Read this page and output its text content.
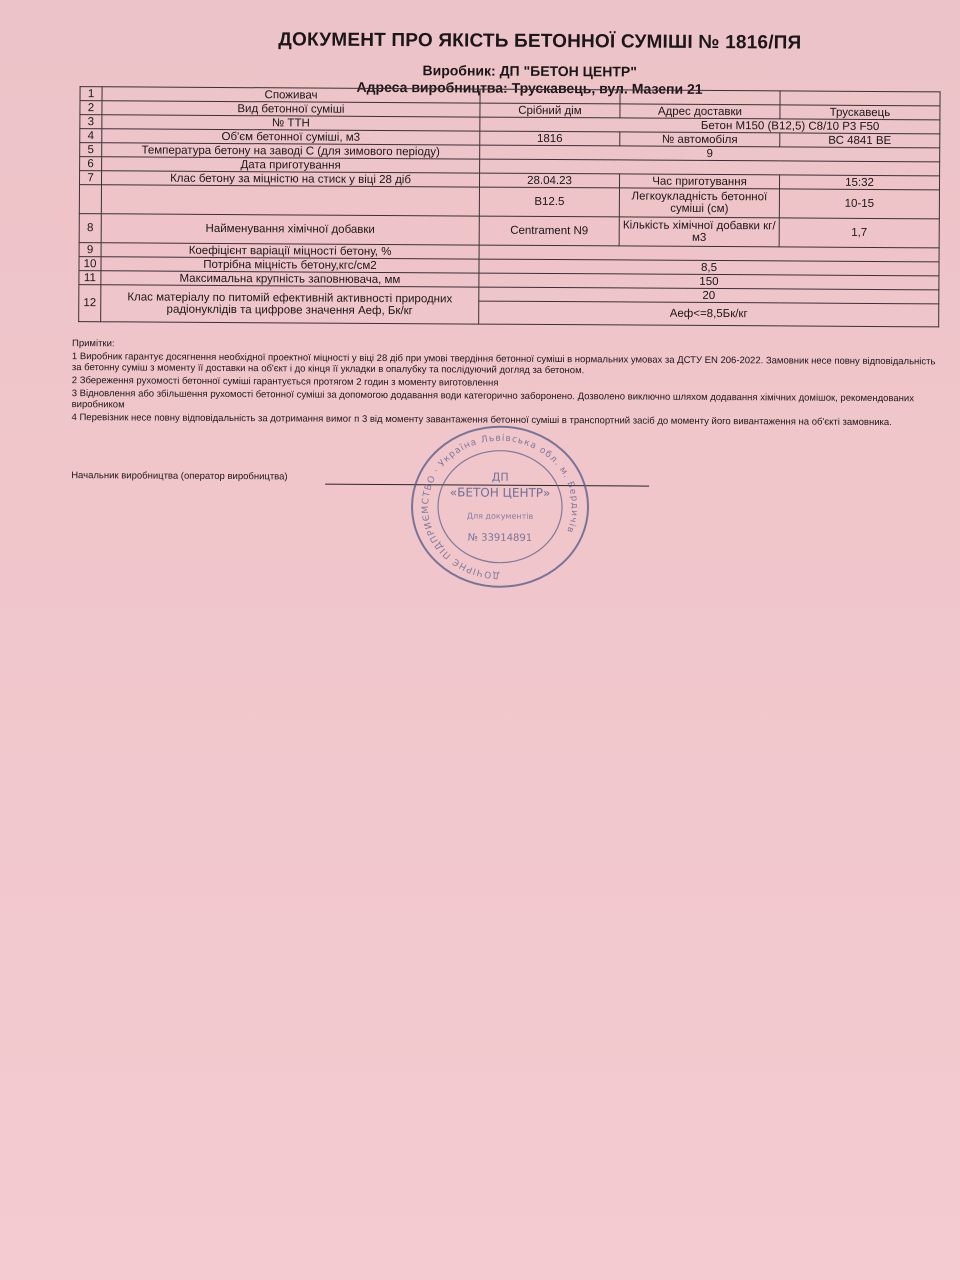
ДОКУМЕНТ ПРО ЯКІСТЬ БЕТОННОЇ СУМІШІ № 1816/ПЯ
Виробник: ДП "БЕТОН ЦЕНТР"
Адреса виробництва: Трускавець, вул. Мазепи 21
1	Споживач			
2	Вид бетонної суміші	Срібний дім	Адрес доставки	Трускавець
3	№ ТТН	Бетон М150 (В12,5) С8/10 Р3 F50		
4	Об'єм бетонної суміші, м3	1816	№ автомобіля	ВС 4841 ВЕ
5	Температура бетону на заводі С (для зимового періоду)	9		
6	Дата приготування			
7	Клас бетону за міцністю на стиск у віці 28 діб	28.04.23	Час приготування	15:32
		В12.5	Легкоукладність бетонної суміші (см)	10-15
8	Найменування хімічної добавки	Centrament N9	Кількість хімічної добавки кг/м3	1,7
9	Коефіцієнт варіації міцності бетону, %			
10	Потрібна міцність бетону,кгс/см2	8,5		
11	Максимальна крупність заповнювача, мм	150		
12	Клас матеріалу по питомій ефективній активності природних радіонуклідів та цифрове значення Аеф, Бк/кг	20		
		Аеф<=8,5Бк/кг		

Примітки:

1 Виробник гарантує досягнення необхідної проектної міцності у віці 28 діб при умові твердіння бетонної суміші в нормальних умовах за ДСТУ EN 206-2022. Замовник несе повну відповідальність за бетонну суміш з моменту її доставки на об'єкт і до кінця її укладки в опалубку та послідуючий догляд за бетоном.

2 Збереження рухомості бетонної суміші гарантується протягом 2 годин з моменту виготовлення

3 Відновлення або збільшення рухомості бетонної суміші за допомогою додавання води категорично заборонено. Дозволено виключно шляхом додавання хімічних домішок, рекомендованих виробником

4 Перевізник несе повну відповідальність за дотримання вимог п 3 від моменту завантаження бетонної суміші в транспортний засіб до моменту його вивантаження на об'єкті замовника.

Начальник виробництва (оператор виробництва)
ДОЧІРНЄ ПІДПРИЄМСТВО · Україна Львівська обл. м. Бердичів
ДП
«БЕТОН ЦЕНТР»
Для документів
№ 33914891
